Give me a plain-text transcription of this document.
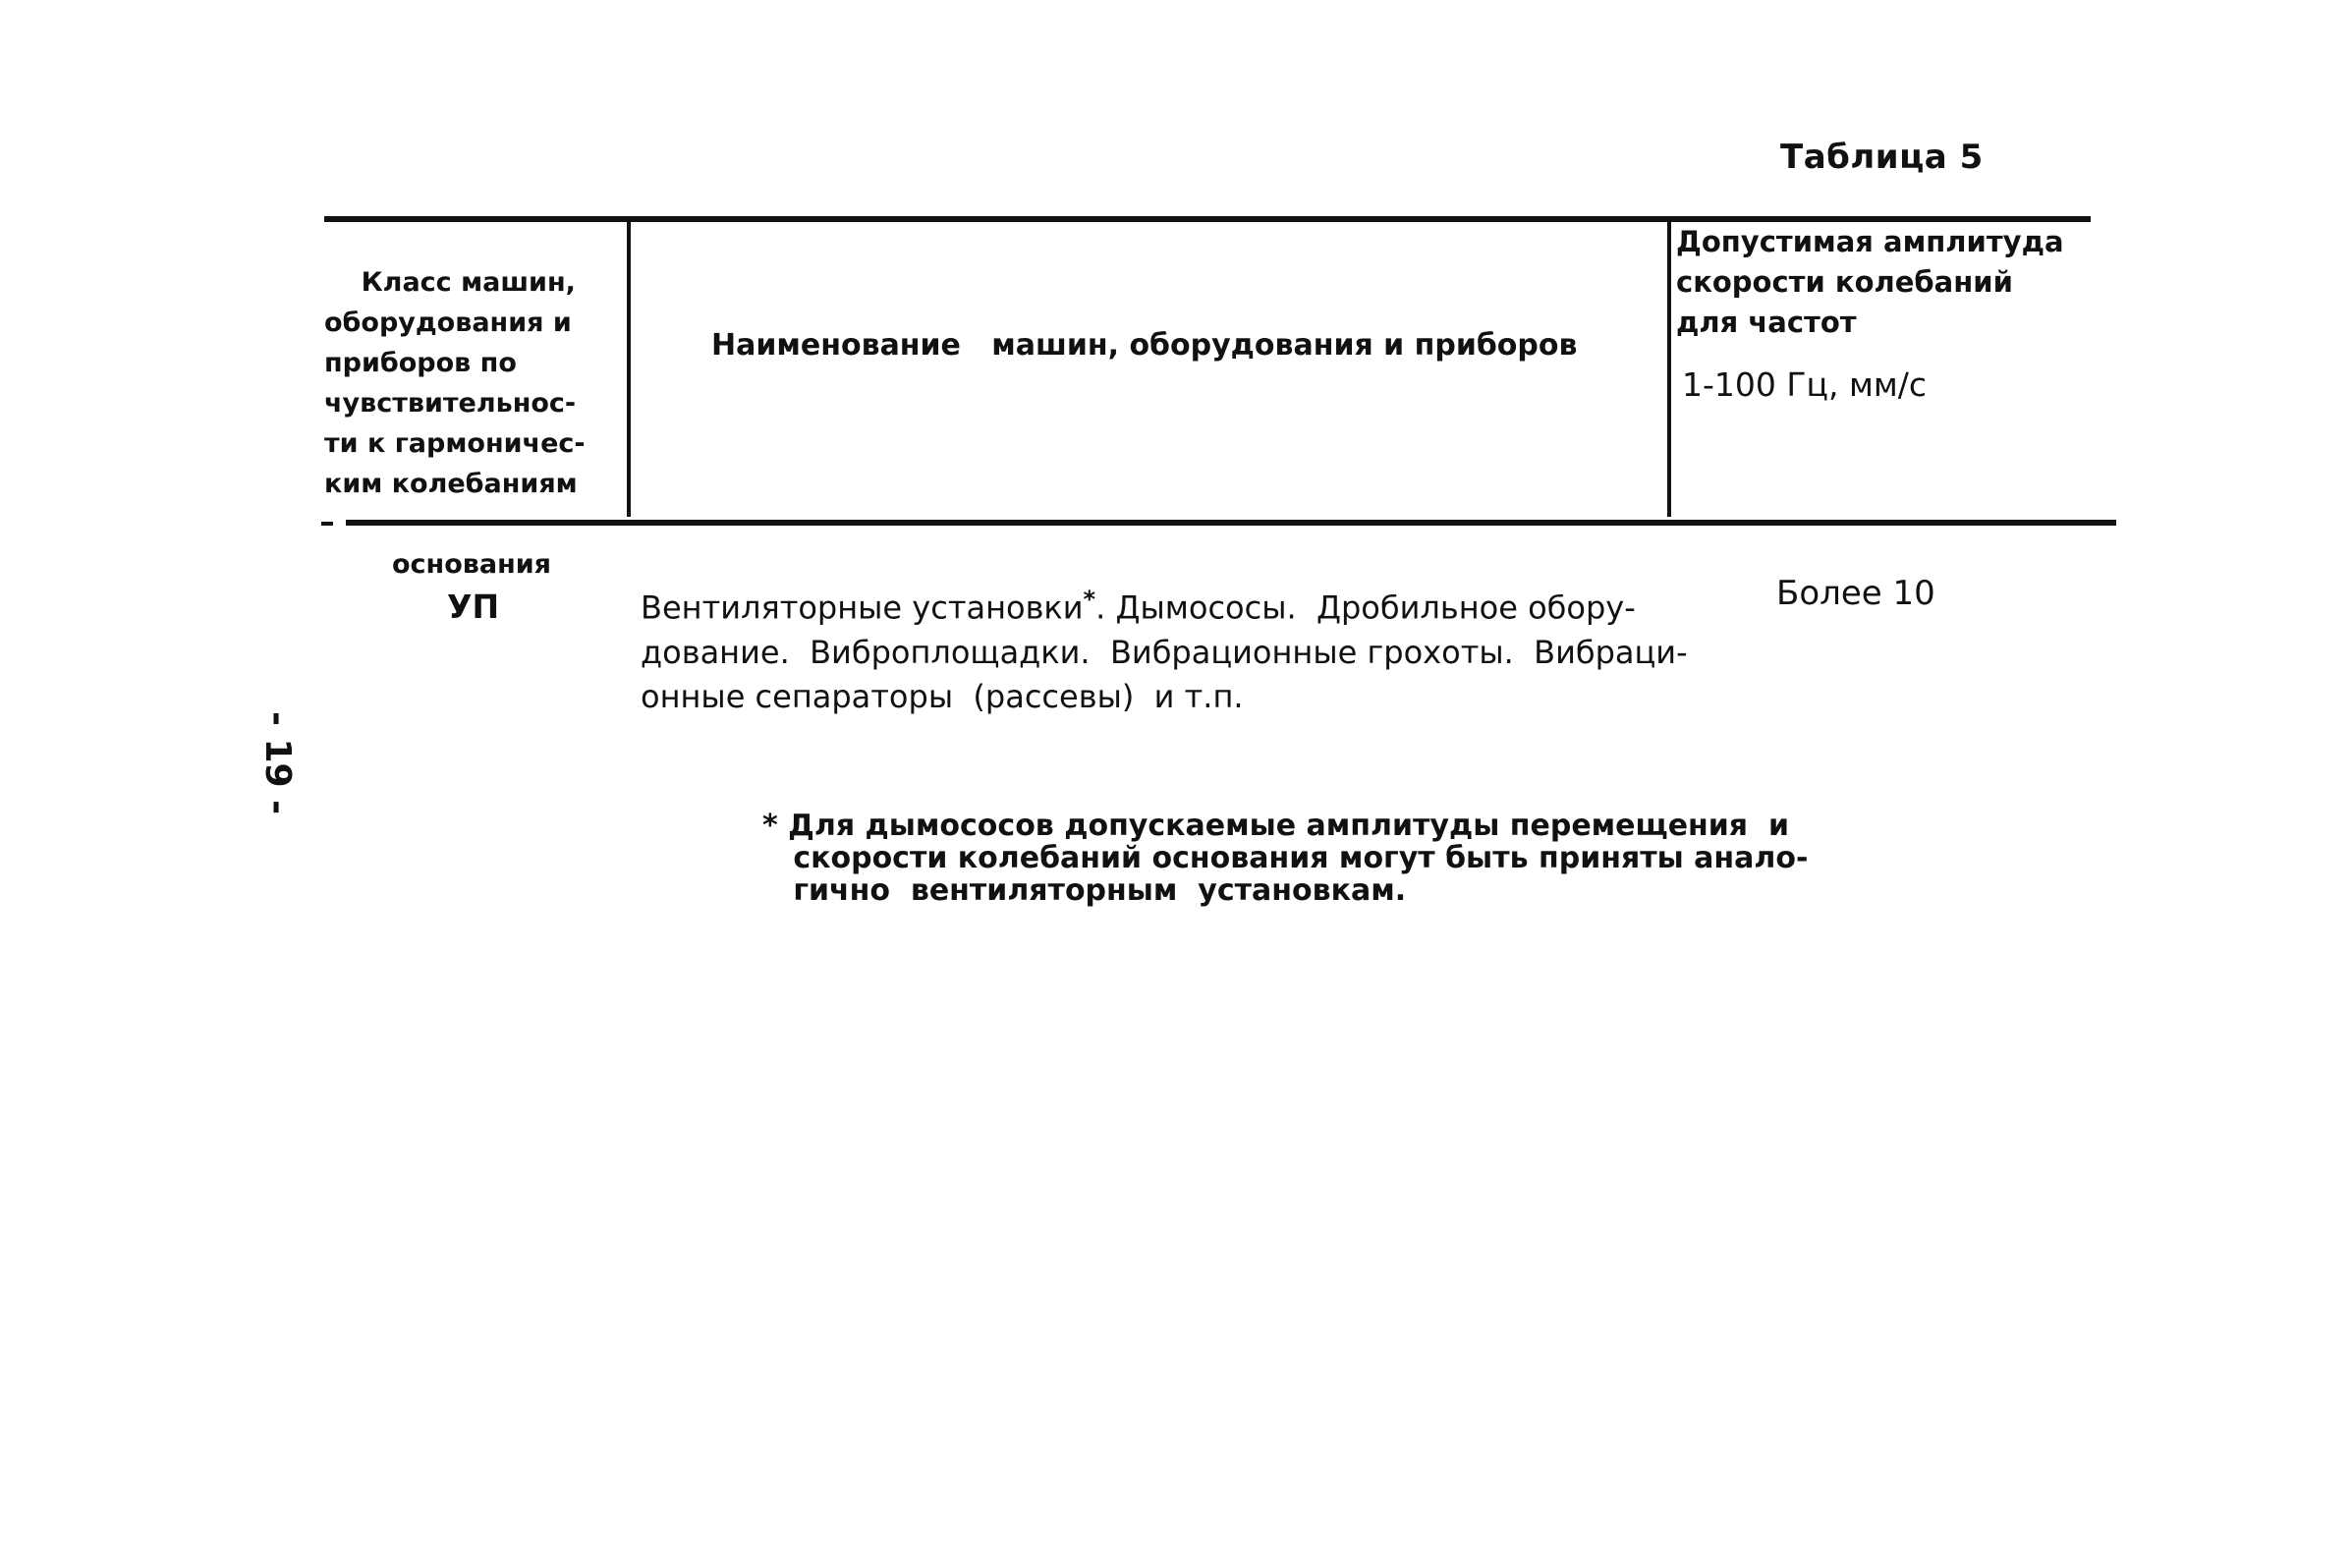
Таблица 5

Класс машин,
оборудования и
приборов по
чувствительнос-
ти к гармоничес-
ким колебаниям

основания

Наименование   машин, оборудования и приборов
Допустимая амплитуда
скорости колебаний
для частот
1-100 Гц, мм/с
УП	Вентиляторные установки*. Дымососы.  Дробильное обору-
дование.  Виброплощадки.  Вибрационные грохоты.  Вибраци-
онные сепараторы  (рассевы)  и т.п.
Более 10
* Для дымососов допускаемые амплитуды перемещения  и
скорости колебаний основания могут быть приняты анало-
гично  вентиляторным  установкам.
- 19 -
